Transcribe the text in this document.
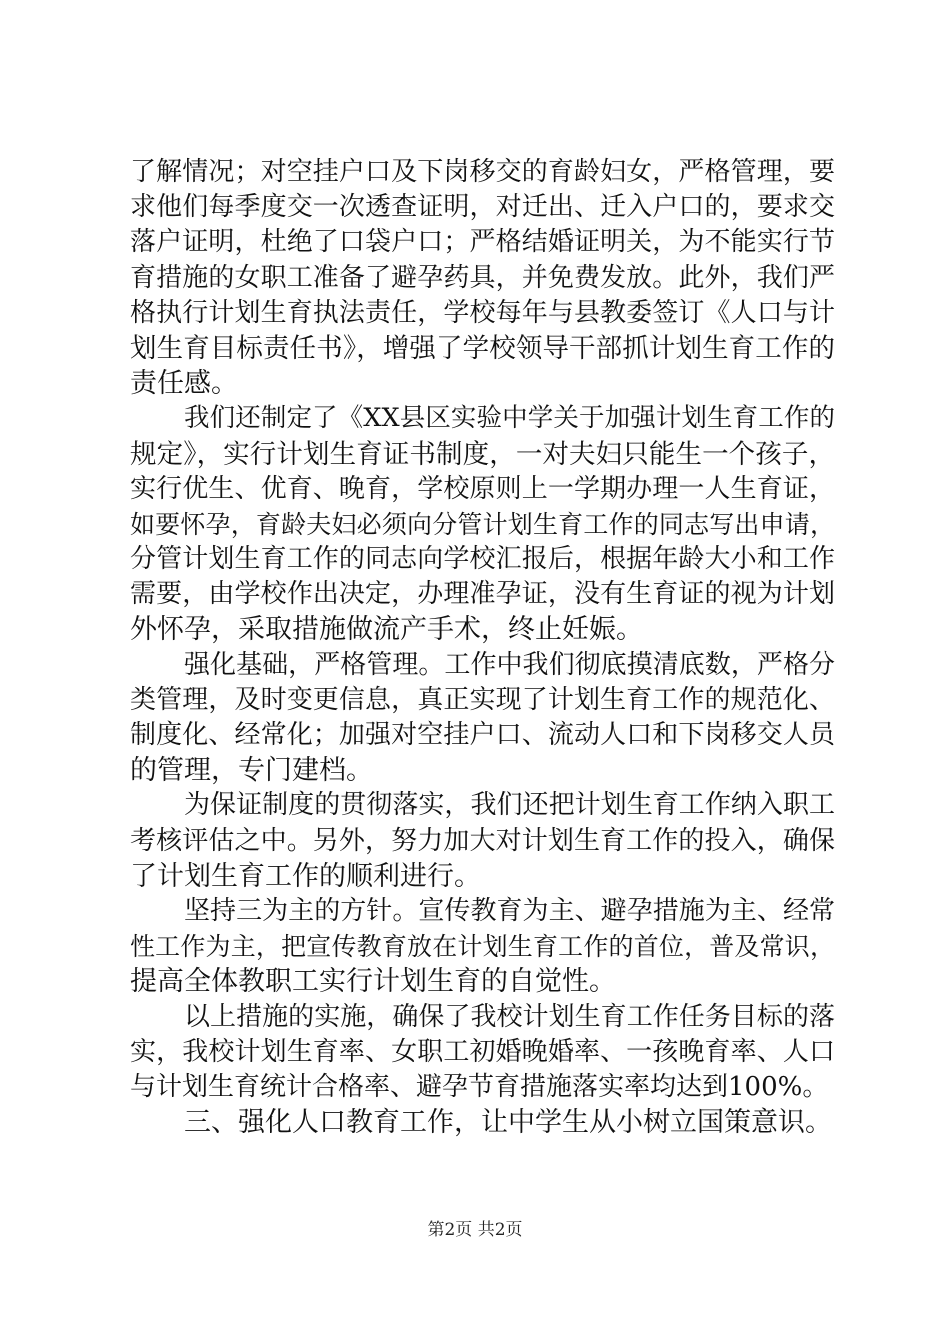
了解情况；对空挂户口及下岗移交的育龄妇女，严格管理，要
求他们每季度交一次透查证明，对迁出、迁入户口的，要求交
落户证明，杜绝了口袋户口；严格结婚证明关，为不能实行节
育措施的女职工准备了避孕药具，并免费发放。此外，我们严
格执行计划生育执法责任，学校每年与县教委签订《人口与计
划生育目标责任书》，增强了学校领导干部抓计划生育工作的
责任感。
我们还制定了《XX县区实验中学关于加强计划生育工作的
规定》，实行计划生育证书制度，一对夫妇只能生一个孩子，
实行优生、优育、晚育，学校原则上一学期办理一人生育证，
如要怀孕，育龄夫妇必须向分管计划生育工作的同志写出申请，
分管计划生育工作的同志向学校汇报后，根据年龄大小和工作
需要，由学校作出决定，办理准孕证，没有生育证的视为计划
外怀孕，采取措施做流产手术，终止妊娠。
强化基础，严格管理。工作中我们彻底摸清底数，严格分
类管理，及时变更信息，真正实现了计划生育工作的规范化、
制度化、经常化；加强对空挂户口、流动人口和下岗移交人员
的管理，专门建档。
为保证制度的贯彻落实，我们还把计划生育工作纳入职工
考核评估之中。另外，努力加大对计划生育工作的投入，确保
了计划生育工作的顺利进行。
坚持三为主的方针。宣传教育为主、避孕措施为主、经常
性工作为主，把宣传教育放在计划生育工作的首位，普及常识，
提高全体教职工实行计划生育的自觉性。
以上措施的实施，确保了我校计划生育工作任务目标的落
实，我校计划生育率、女职工初婚晚婚率、一孩晚育率、人口
与计划生育统计合格率、避孕节育措施落实率均达到100%。
三、强化人口教育工作，让中学生从小树立国策意识。
第2页 共2页
